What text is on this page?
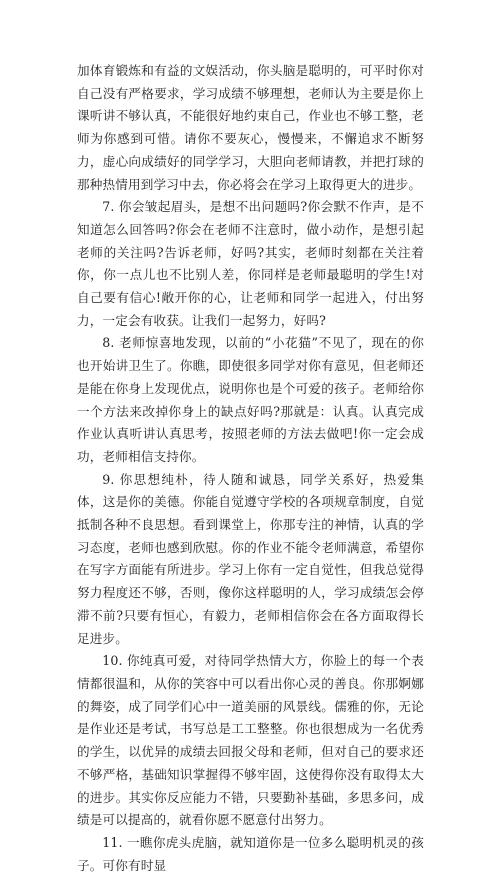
加体育锻炼和有益的文娱活动，你头脑是聪明的，可平时你对自己没有严格要求，学习成绩不够理想，老师认为主要是你上课听讲不够认真，不能很好地约束自己，作业也不够工整，老师为你感到可惜。请你不要灰心，慢慢来，不懈追求不断努力，虚心向成绩好的同学学习，大胆向老师请教，并把打球的那种热情用到学习中去，你必将会在学习上取得更大的进步。

7. 你会皱起眉头，是想不出问题吗?你会默不作声，是不知道怎么回答吗?你会在老师不注意时，做小动作，是想引起老师的关注吗?告诉老师，好吗?其实，老师时刻都在关注着你，你一点儿也不比别人差，你同样是老师最聪明的学生!对自己要有信心!敞开你的心，让老师和同学一起进入，付出努力，一定会有收获。让我们一起努力，好吗?

8. 老师惊喜地发现，以前的“小花猫”不见了，现在的你也开始讲卫生了。你瞧，即使很多同学对你有意见，但老师还是能在你身上发现优点，说明你也是个可爱的孩子。老师给你一个方法来改掉你身上的缺点好吗?那就是：认真。认真完成作业认真听讲认真思考，按照老师的方法去做吧!你一定会成功，老师相信支持你。

9. 你思想纯朴，待人随和诚恳，同学关系好，热爱集体，这是你的美德。你能自觉遵守学校的各项规章制度，自觉抵制各种不良思想。看到课堂上，你那专注的神情，认真的学习态度，老师也感到欣慰。你的作业不能令老师满意，希望你在写字方面能有所进步。学习上你有一定自觉性，但我总觉得努力程度还不够，否则，像你这样聪明的人，学习成绩怎会停滞不前?只要有恒心，有毅力，老师相信你会在各方面取得长足进步。

10. 你纯真可爱，对待同学热情大方，你脸上的每一个表情都很温和，从你的笑容中可以看出你心灵的善良。你那婀娜的舞姿，成了同学们心中一道美丽的风景线。儒雅的你，无论是作业还是考试，书写总是工工整整。你也很想成为一名优秀的学生，以优异的成绩去回报父母和老师，但对自己的要求还不够严格，基础知识掌握得不够牢固，这使得你没有取得太大的进步。其实你反应能力不错，只要勤补基础，多思多问，成绩是可以提高的，就看你愿不愿意付出努力。

11. 一瞧你虎头虎脑，就知道你是一位多么聪明机灵的孩子。可你有时显
